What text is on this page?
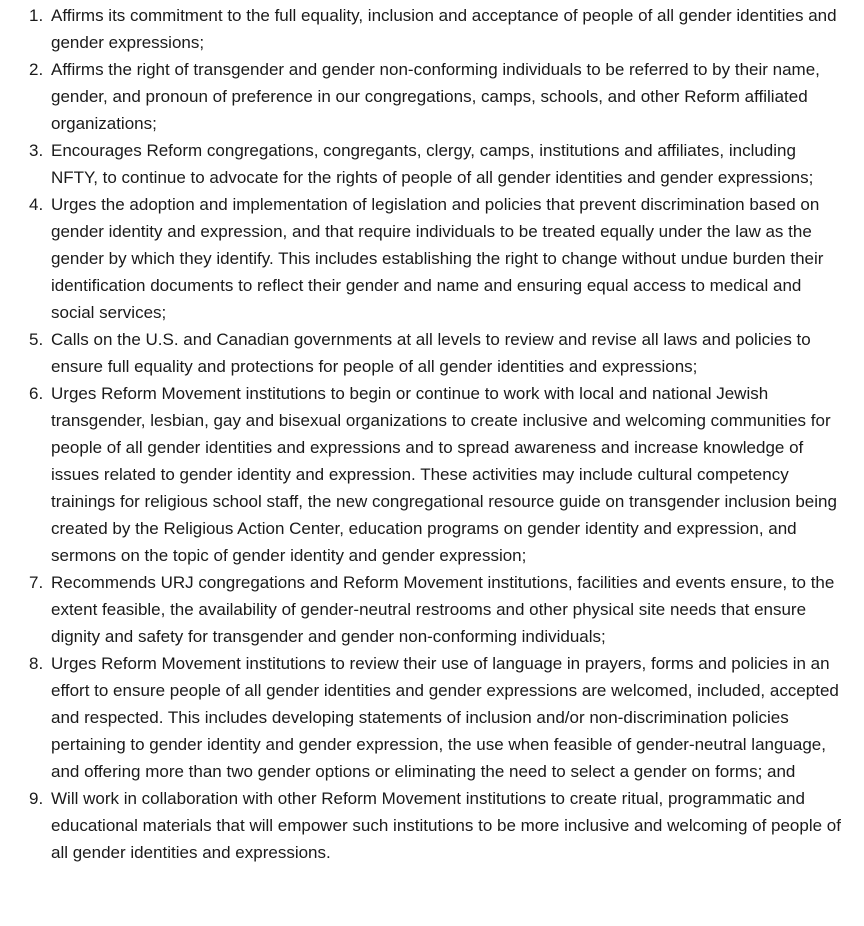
1. Affirms its commitment to the full equality, inclusion and acceptance of people of all gender identities and gender expressions;
2. Affirms the right of transgender and gender non-conforming individuals to be referred to by their name, gender, and pronoun of preference in our congregations, camps, schools, and other Reform affiliated organizations;
3. Encourages Reform congregations, congregants, clergy, camps, institutions and affiliates, including NFTY, to continue to advocate for the rights of people of all gender identities and gender expressions;
4. Urges the adoption and implementation of legislation and policies that prevent discrimination based on gender identity and expression, and that require individuals to be treated equally under the law as the gender by which they identify. This includes establishing the right to change without undue burden their identification documents to reflect their gender and name and ensuring equal access to medical and social services;
5. Calls on the U.S. and Canadian governments at all levels to review and revise all laws and policies to ensure full equality and protections for people of all gender identities and expressions;
6. Urges Reform Movement institutions to begin or continue to work with local and national Jewish transgender, lesbian, gay and bisexual organizations to create inclusive and welcoming communities for people of all gender identities and expressions and to spread awareness and increase knowledge of issues related to gender identity and expression. These activities may include cultural competency trainings for religious school staff, the new congregational resource guide on transgender inclusion being created by the Religious Action Center, education programs on gender identity and expression, and sermons on the topic of gender identity and gender expression;
7. Recommends URJ congregations and Reform Movement institutions, facilities and events ensure, to the extent feasible, the availability of gender-neutral restrooms and other physical site needs that ensure dignity and safety for transgender and gender non-conforming individuals;
8. Urges Reform Movement institutions to review their use of language in prayers, forms and policies in an effort to ensure people of all gender identities and gender expressions are welcomed, included, accepted and respected. This includes developing statements of inclusion and/or non-discrimination policies pertaining to gender identity and gender expression, the use when feasible of gender-neutral language, and offering more than two gender options or eliminating the need to select a gender on forms; and
9. Will work in collaboration with other Reform Movement institutions to create ritual, programmatic and educational materials that will empower such institutions to be more inclusive and welcoming of people of all gender identities and expressions.
